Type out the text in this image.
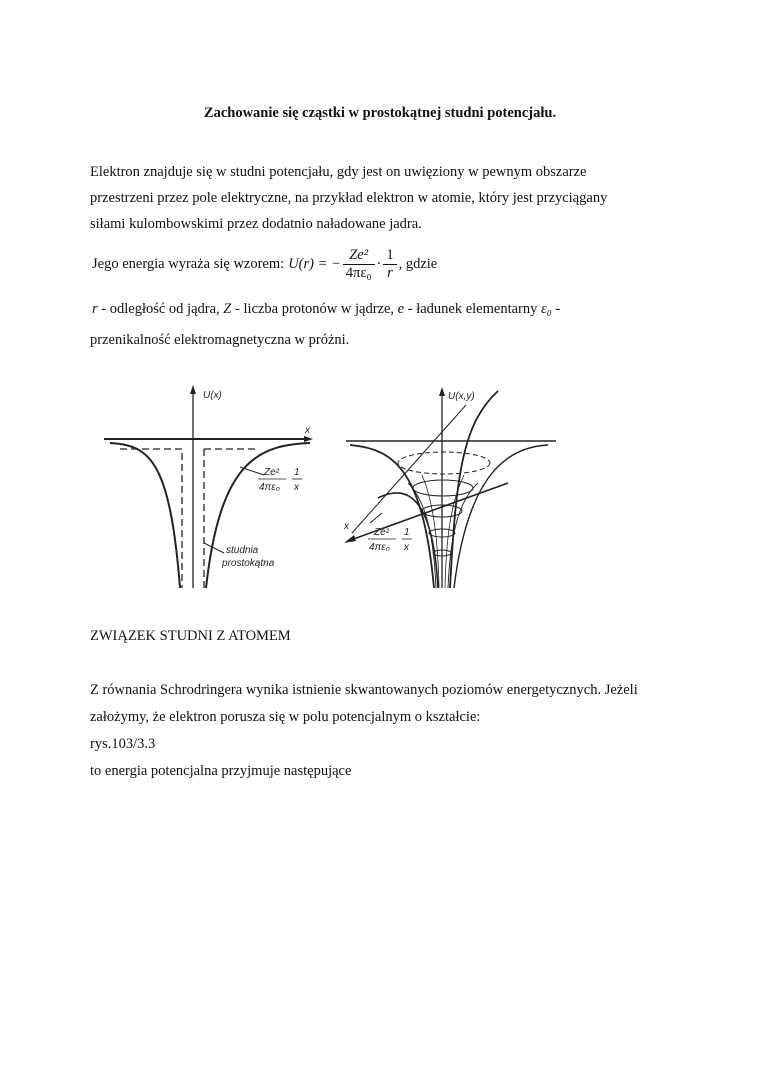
Zachowanie się cząstki w prostokątnej studni potencjału.
Elektron znajduje się w studni potencjału, gdy jest on uwięziony w pewnym obszarze
przestrzeni przez pole elektryczne, na przykład elektron w atomie, który jest przyciągany
siłami kulombowskimi przez dodatnio naładowane jadra.
Jego energia wyraża się wzorem: U(r) = − $\frac{\text{Ze²}}{\text{4πε₀}} \cdot \frac{1}{r}$ , gdzie
r - odległość od jądra, Z - liczba protonów w jądrze, e - ładunek elementarny ε₀ -
przenikalność elektromagnetyczna w próżni.
U(x)
x
Ze²
4πε₀
1
x
studnia
prostokątna
U(x,y)
x
Ze²
4πε₀
1
x
ZWIĄZEK STUDNI Z ATOMEM
Z równania Schrodringera wynika istnienie skwantowanych poziomów energetycznych. Jeżeli
założymy, że elektron porusza się w polu potencjalnym o kształcie:
rys.103/3.3
to energia potencjalna przyjmuje następujące
